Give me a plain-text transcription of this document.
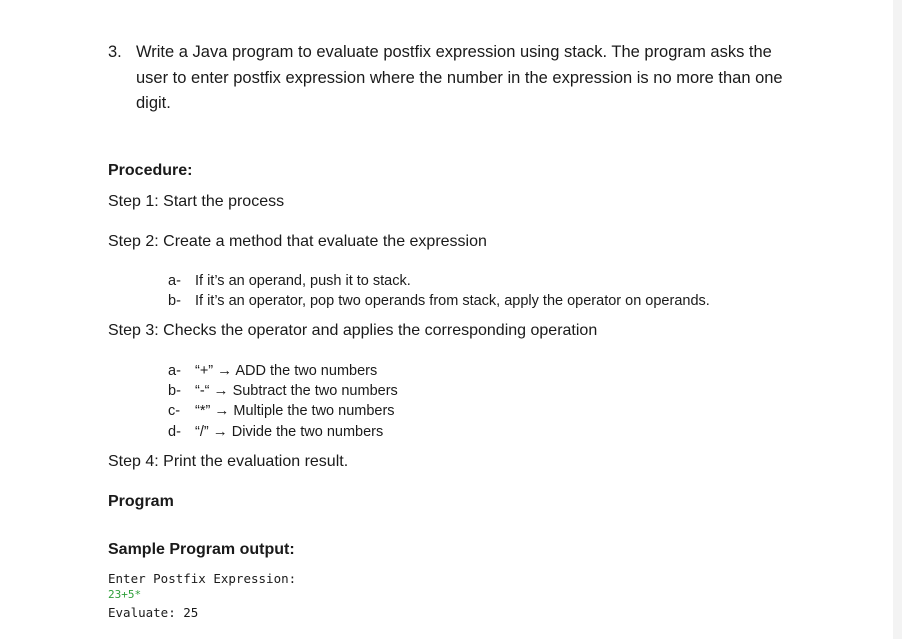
3. Write a Java program to evaluate postfix expression using stack. The program asks the user to enter postfix expression where the number in the expression is no more than one digit.
Procedure:
Step 1: Start the process
Step 2: Create a method that evaluate the expression
a- If it’s an operand, push it to stack.
b- If it’s an operator, pop two operands from stack, apply the operator on operands.
Step 3: Checks the operator and applies the corresponding operation
a- “+” → ADD the two numbers
b- “-“ → Subtract the two numbers
c- “*” → Multiple the two numbers
d- “/” → Divide the two numbers
Step 4: Print the evaluation result.
Program
Sample Program output:
Enter Postfix Expression:
23+5*
Evaluate: 25
